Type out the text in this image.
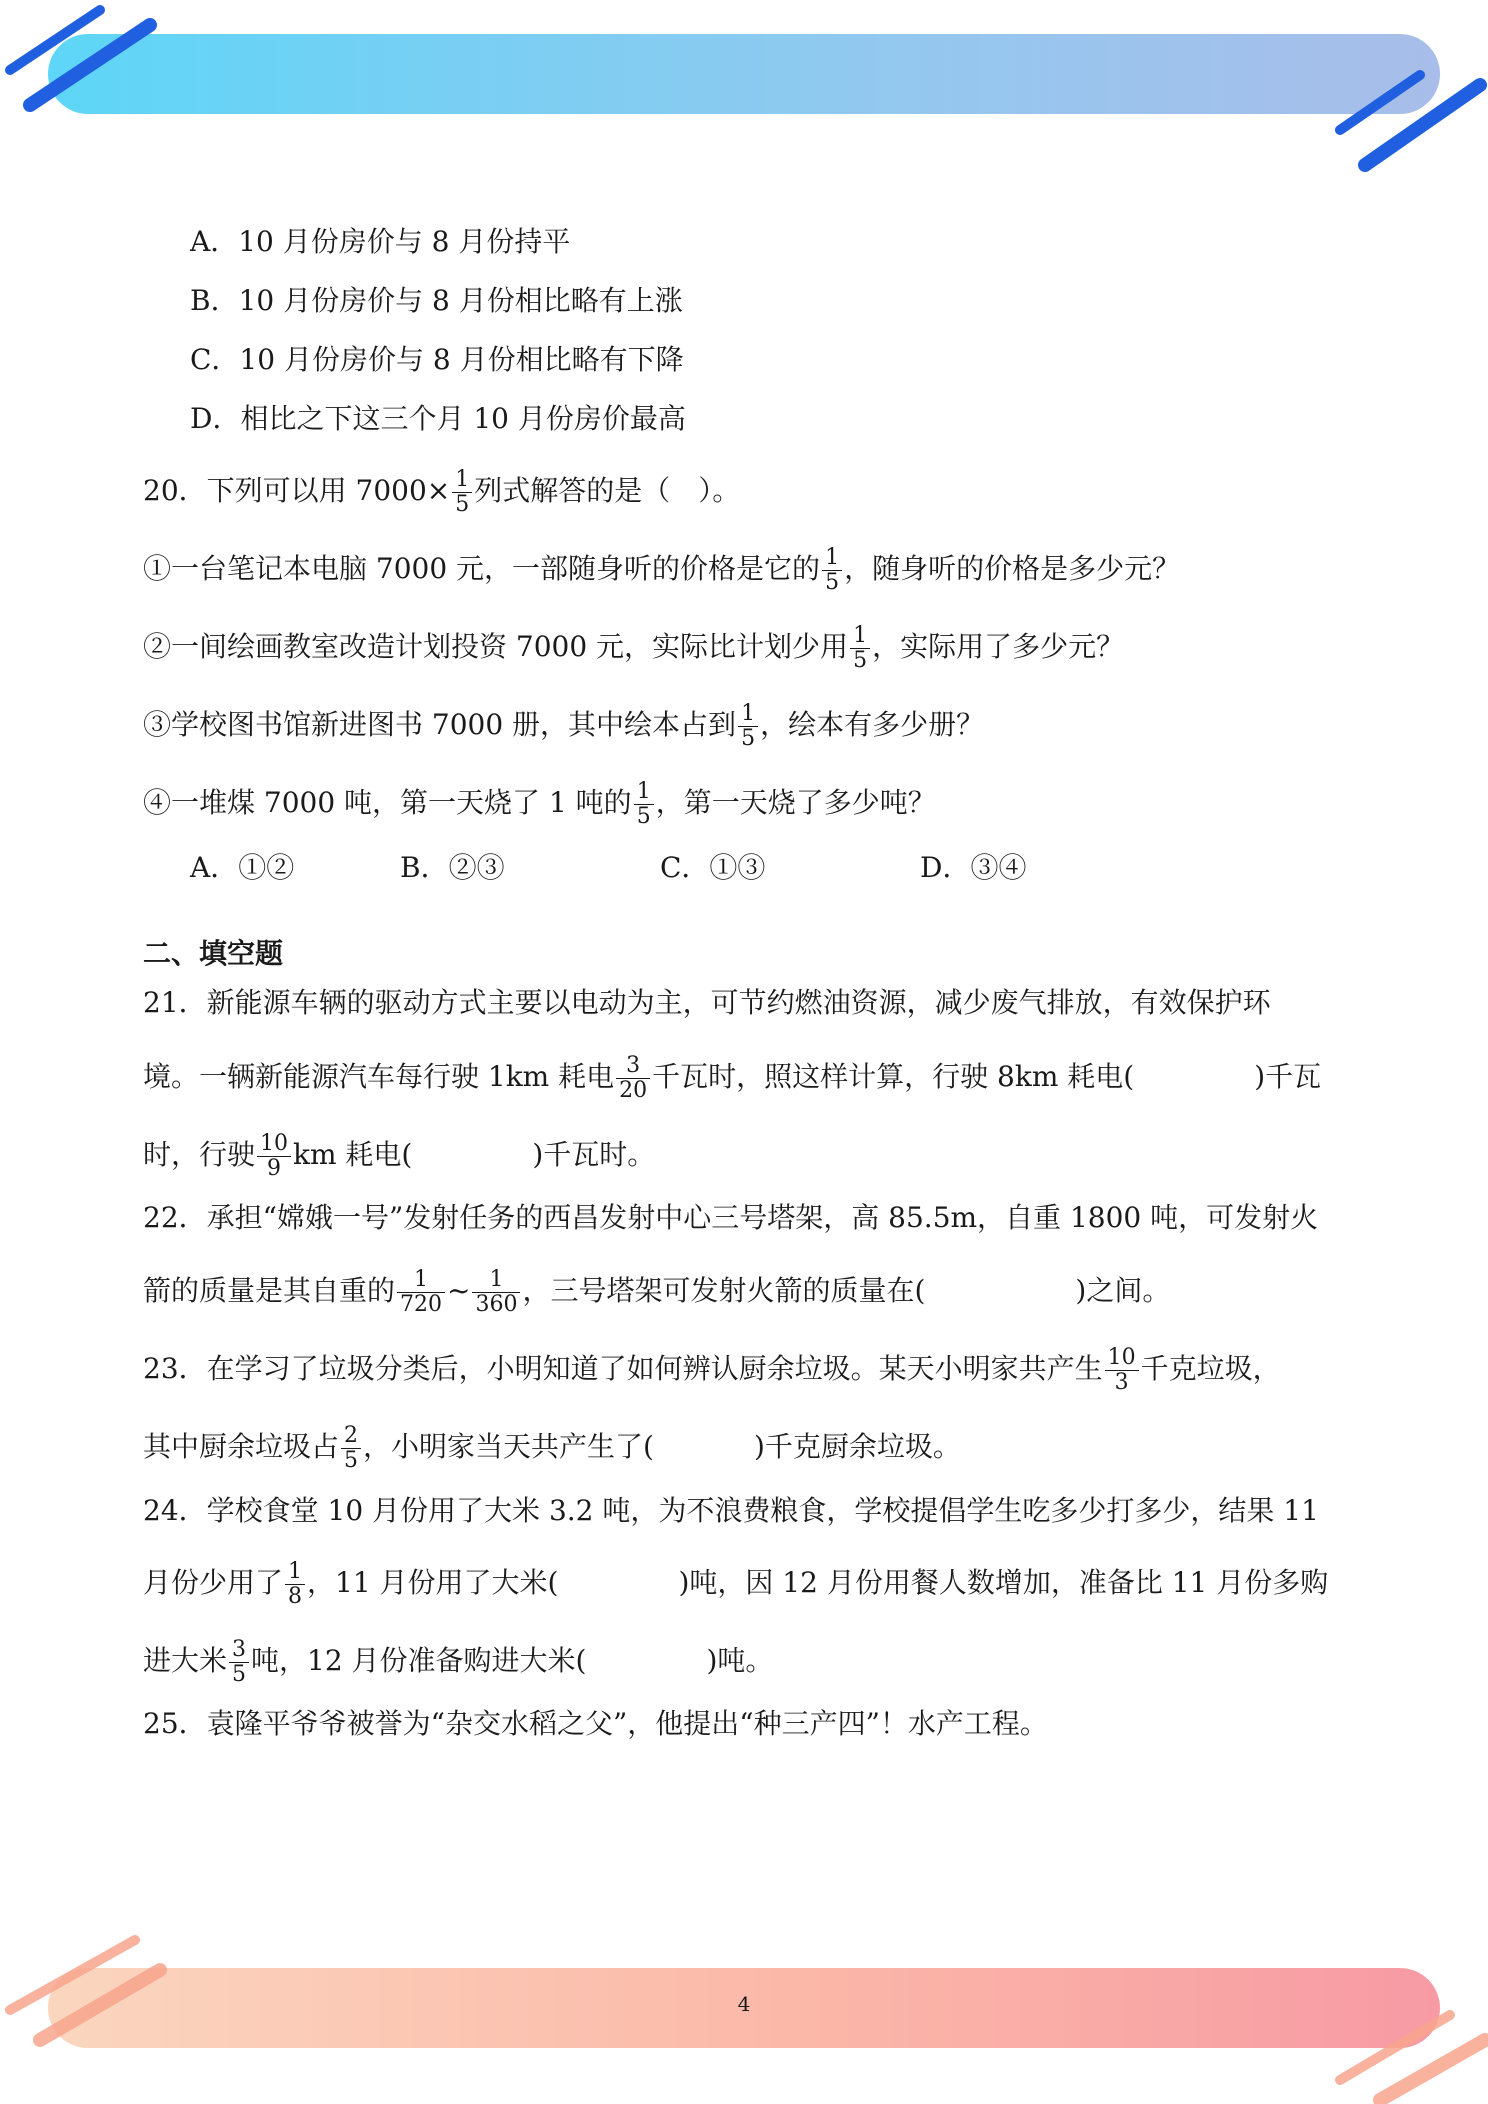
A．10 月份房价与 8 月份持平
B．10 月份房价与 8 月份相比略有上涨
C．10 月份房价与 8 月份相比略有下降
D．相比之下这三个月 10 月份房价最高
20．下列可以用 $7000\times \frac{1}{5}$ 列式解答的是（　）。
①一台笔记本电脑 7000 元，一部随身听的价格是它的 $\frac{1}{5}$ ，随身听的价格是多少元？
②一间绘画教室改造计划投资 7000 元，实际比计划少用 $\frac{1}{5}$ ，实际用了多少元？
③学校图书馆新进图书 7000 册，其中绘本占到 $\frac{1}{5}$ ，绘本有多少册？
④一堆煤 7000 吨，第一天烧了 1 吨的 $\frac{1}{5}$ ，第一天烧了多少吨？
A．①②	B．②③	C．①③	D．③④
二、填空题
21．新能源车辆的驱动方式主要以电动为主，可节约燃油资源，减少废气排放，有效保护环
境。一辆新能源汽车每行驶 1km 耗电 $\frac{3}{20}$ 千瓦时，照这样计算，行驶 8km 耗电(	)千瓦
时，行驶 $\frac{10}{9}$ km 耗电(	)千瓦时。
22．承担“嫦娥一号”发射任务的西昌发射中心三号塔架，高 85.5m，自重 1800 吨，可发射火
箭的质量是其自重的 $\frac{1}{720}$ ~ $\frac{1}{360}$ ，三号塔架可发射火箭的质量在(	)之间。
23．在学习了垃圾分类后，小明知道了如何辨认厨余垃圾。某天小明家共产生 $\frac{10}{3}$ 千克垃圾，
其中厨余垃圾占 $\frac{2}{5}$ ，小明家当天共产生了(	)千克厨余垃圾。
24．学校食堂 10 月份用了大米 3.2 吨，为不浪费粮食，学校提倡学生吃多少打多少，结果 11
月份少用了 $\frac{1}{8}$ ，11 月份用了大米(	)吨，因 12 月份用餐人数增加，准备比 11 月份多购
进大米 $\frac{3}{5}$ 吨，12 月份准备购进大米(	)吨。
25．袁隆平爷爷被誉为“杂交水稻之父”，他提出“种三产四”！水产工程。
4
